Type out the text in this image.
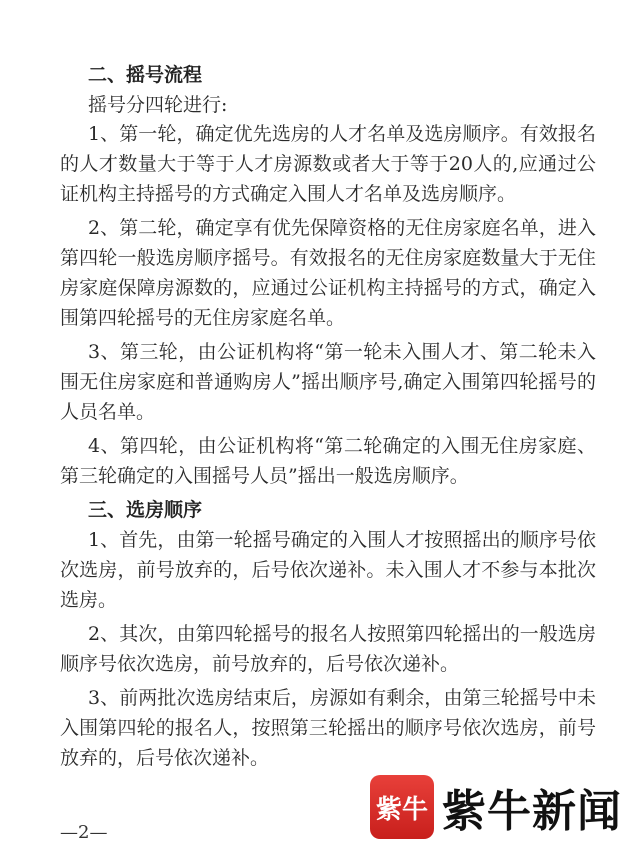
二、摇号流程
摇号分四轮进行:
1、第一轮，确定优先选房的人才名单及选房顺序。有效报名
的人才数量大于等于人才房源数或者大于等于20人的,应通过公
证机构主持摇号的方式确定入围人才名单及选房顺序。
2、第二轮，确定享有优先保障资格的无住房家庭名单，进入
第四轮一般选房顺序摇号。有效报名的无住房家庭数量大于无住
房家庭保障房源数的，应通过公证机构主持摇号的方式，确定入
围第四轮摇号的无住房家庭名单。
3、第三轮，由公证机构将“第一轮未入围人才、第二轮未入
围无住房家庭和普通购房人”摇出顺序号,确定入围第四轮摇号的
人员名单。
4、第四轮，由公证机构将“第二轮确定的入围无住房家庭、
第三轮确定的入围摇号人员”摇出一般选房顺序。
三、选房顺序
1、首先，由第一轮摇号确定的入围人才按照摇出的顺序号依
次选房，前号放弃的，后号依次递补。未入围人才不参与本批次
选房。
2、其次，由第四轮摇号的报名人按照第四轮摇出的一般选房
顺序号依次选房，前号放弃的，后号依次递补。
3、前两批次选房结束后，房源如有剩余，由第三轮摇号中未
入围第四轮的报名人，按照第三轮摇出的顺序号依次选房，前号
放弃的，后号依次递补。
紫牛 紫牛新闻
—2—
